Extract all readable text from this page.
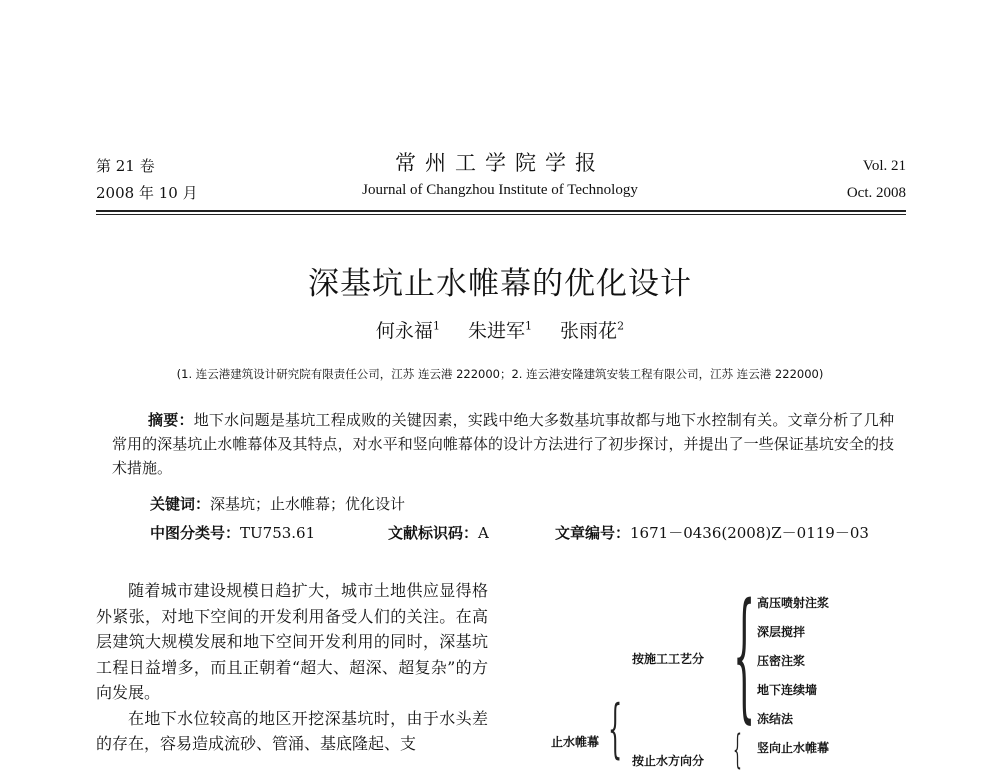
第 21 卷
2008 年 10 月
常州工学院学报
Journal of Changzhou Institute of Technology
Vol. 21
Oct. 2008
深基坑止水帷幕的优化设计
何永福$^1$ 朱进军$^1$ 张雨花$^2$
(1. 连云港建筑设计研究院有限责任公司，江苏 连云港 222000；2. 连云港安隆建筑安装工程有限公司，江苏 连云港 222000)
摘要：地下水问题是基坑工程成败的关键因素，实践中绝大多数基坑事故都与地下水控制有关。文章分析了几种常用的深基坑止水帷幕体及其特点，对水平和竖向帷幕体的设计方法进行了初步探讨，并提出了一些保证基坑安全的技术措施。
关键词：深基坑；止水帷幕；优化设计
中图分类号：TU753.61	文献标识码：A	文章编号：1671－0436(2008)Z－0119－03

随着城市建设规模日趋扩大，城市土地供应显得格外紧张，对地下空间的开发利用备受人们的关注。在高层建筑大规模发展和地下空间开发利用的同时，深基坑工程日益增多，而且正朝着“超大、超深、超复杂”的方向发展。

在地下水位较高的地区开挖深基坑时，由于水头差的存在，容易造成流砂、管涌、基底隆起、支	止水帷幕 {
按施工工艺分
按止水方向分
{
{
高压喷射注浆
深层搅拌
压密注浆
地下连续墙
冻结法
竖向止水帷幕
